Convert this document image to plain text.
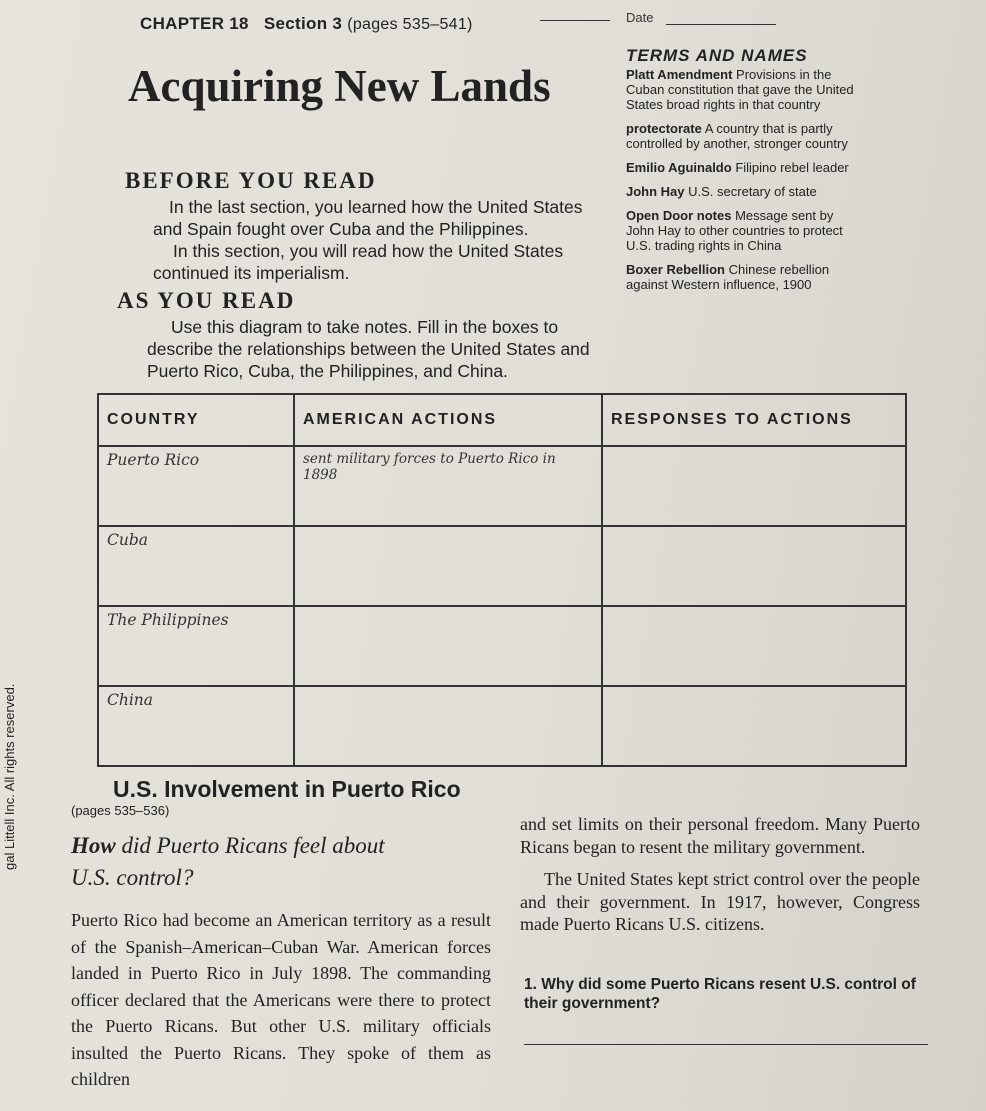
CHAPTER 18 Section 3 (pages 535–541)	Date
Acquiring New Lands
BEFORE YOU READ
In the last section, you learned how the United States and Spain fought over Cuba and the Philippines.
In this section, you will read how the United States continued its imperialism.
AS YOU READ
Use this diagram to take notes. Fill in the boxes to describe the relationships between the United States and Puerto Rico, Cuba, the Philippines, and China.
TERMS AND NAMES
Platt Amendment Provisions in the Cuban constitution that gave the United States broad rights in that country
protectorate A country that is partly controlled by another, stronger country
Emilio Aguinaldo Filipino rebel leader
John Hay U.S. secretary of state
Open Door notes Message sent by John Hay to other countries to protect U.S. trading rights in China
Boxer Rebellion Chinese rebellion against Western influence, 1900
COUNTRY	AMERICAN ACTIONS	RESPONSES TO ACTIONS
Puerto Rico	sent military forces to Puerto Rico in 1898	
Cuba		
The Philippines		
China		
U.S. Involvement in Puerto Rico
(pages 535–536)
How did Puerto Ricans feel about U.S. control?
Puerto Rico had become an American territory as a result of the Spanish–American–Cuban War. American forces landed in Puerto Rico in July 1898. The commanding officer declared that the Americans were there to protect the Puerto Ricans. But other U.S. military officials insulted the Puerto Ricans. They spoke of them as children
and set limits on their personal freedom. Many Puerto Ricans began to resent the military government.
The United States kept strict control over the people and their government. In 1917, however, Congress made Puerto Ricans U.S. citizens.
1. Why did some Puerto Ricans resent U.S. control of their government?
gal Littell Inc. All rights reserved.
